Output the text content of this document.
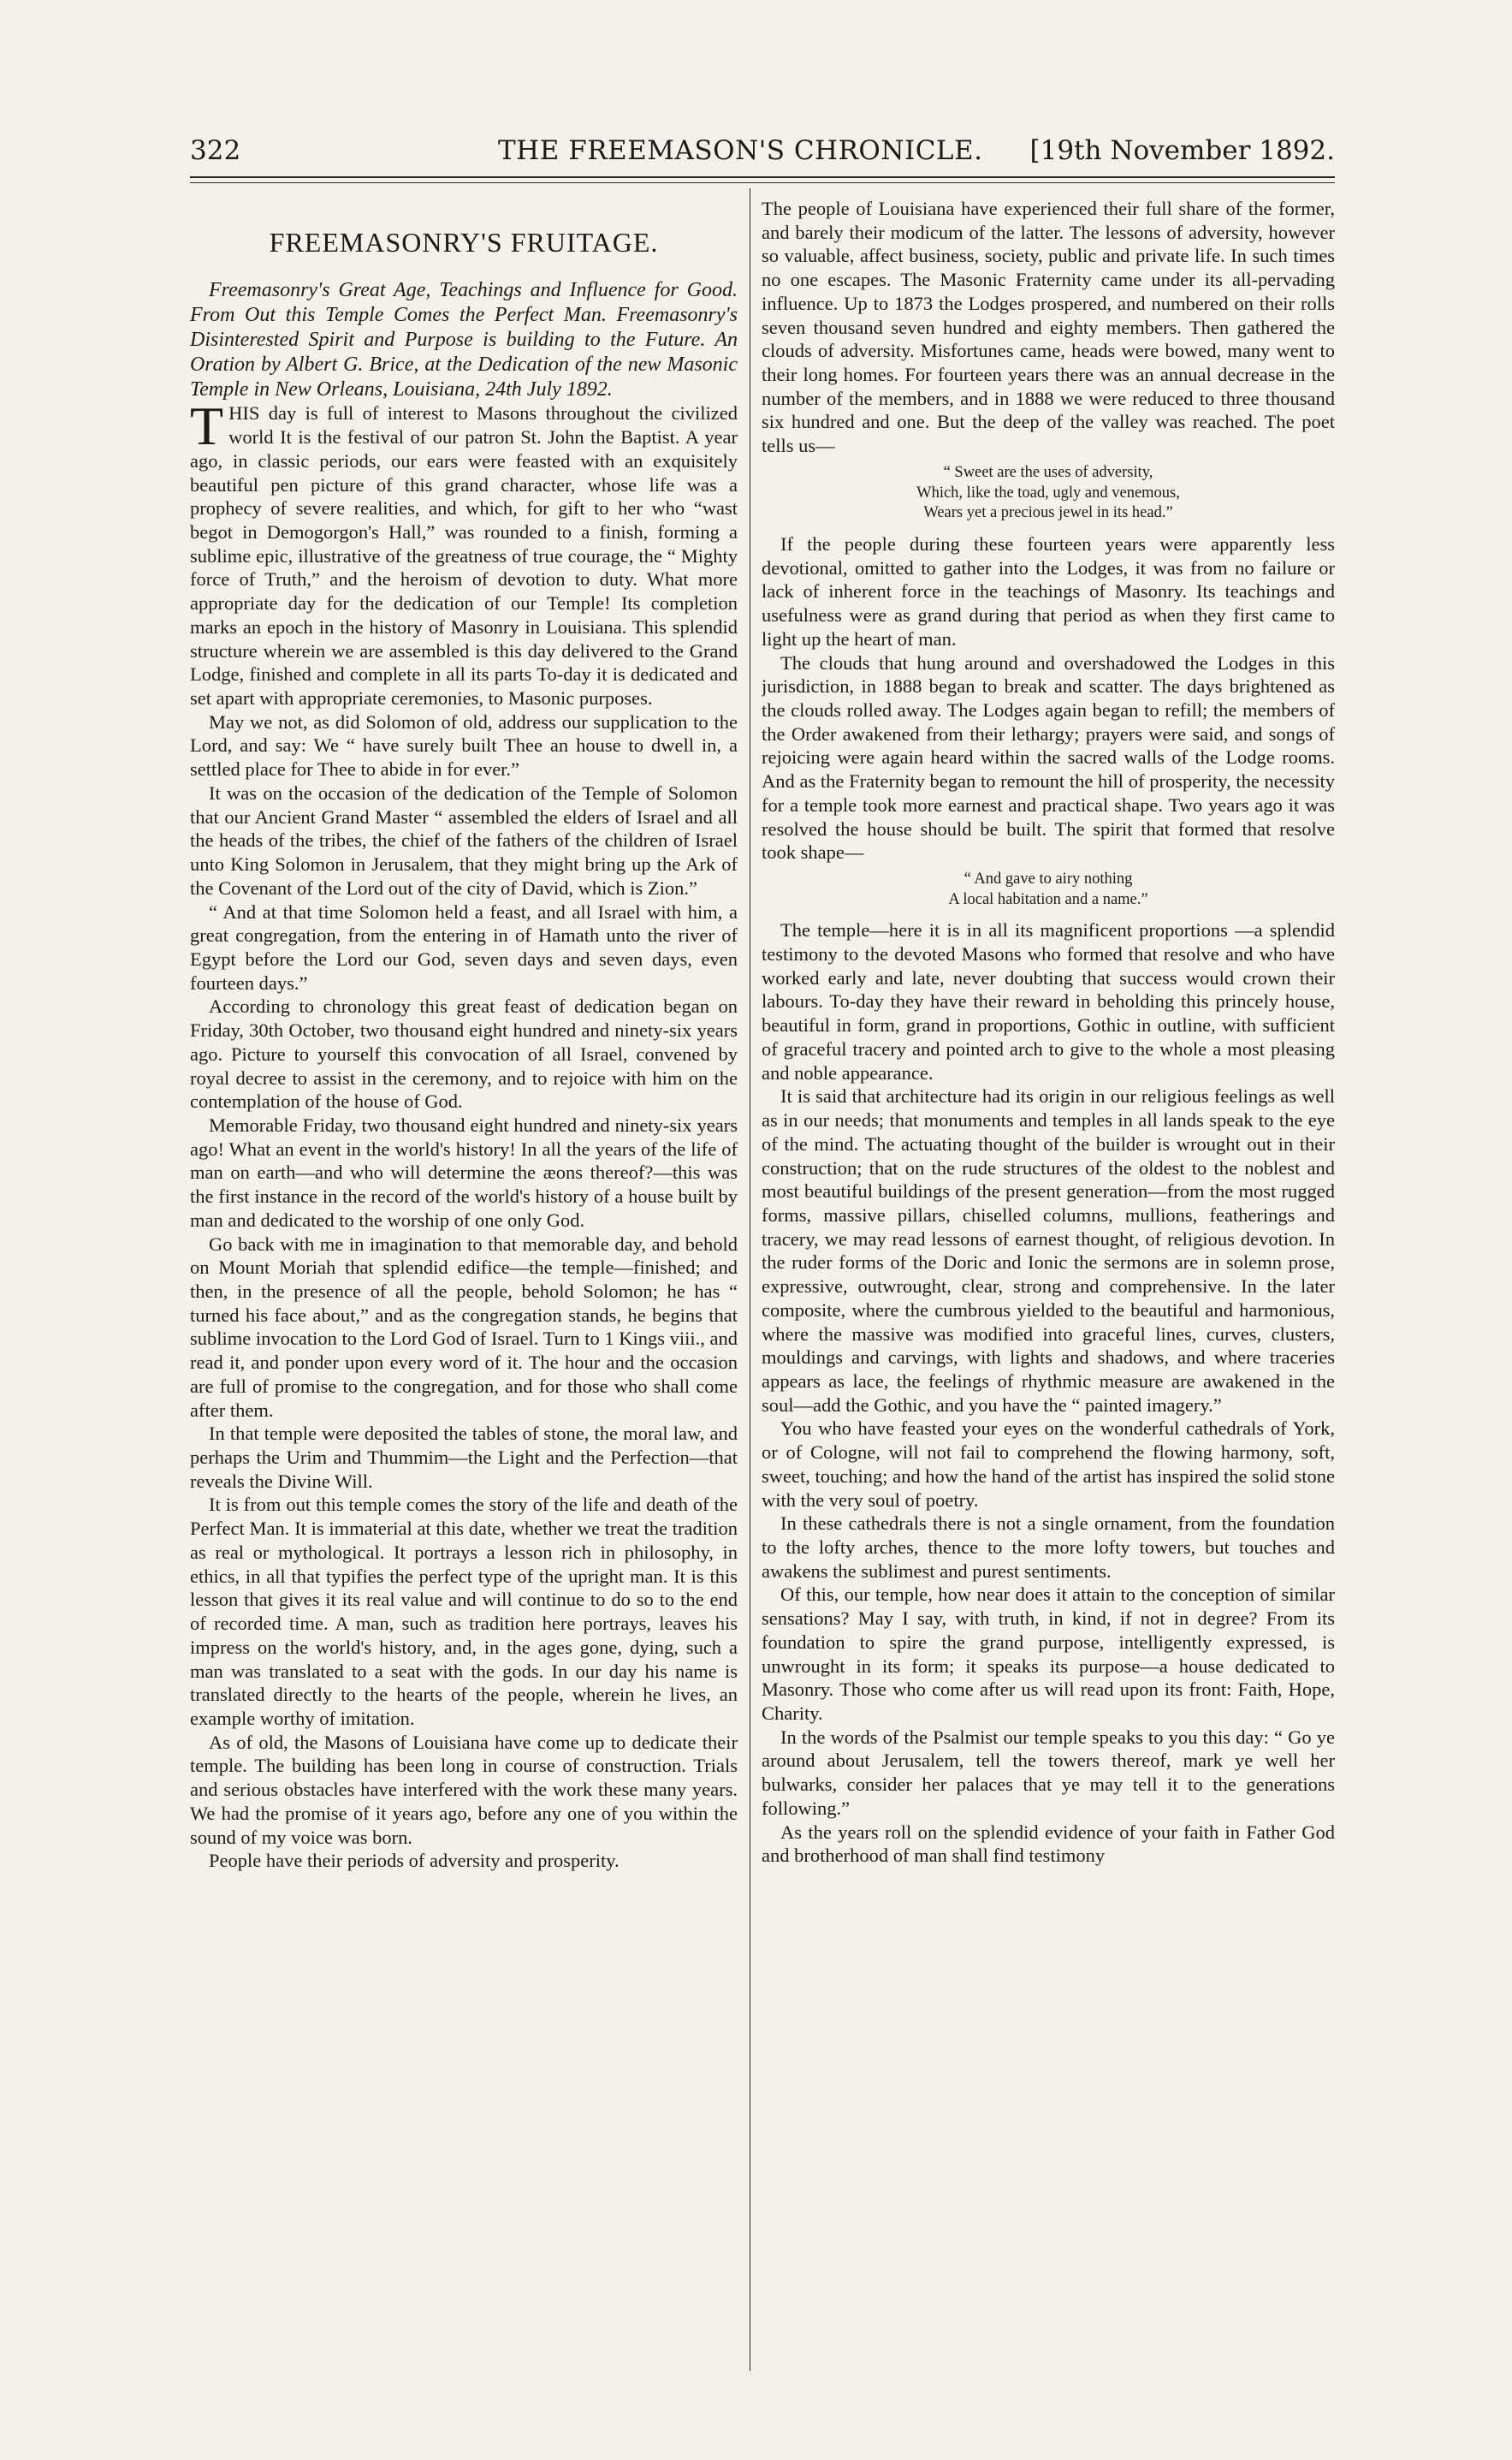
322	THE FREEMASON'S CHRONICLE. [19th November 1892.
FREEMASONRY'S FRUITAGE.

Freemasonry's Great Age, Teachings and Influence for Good. From Out this Temple Comes the Perfect Man. Freemasonry's Disinterested Spirit and Purpose is building to the Future. An Oration by Albert G. Brice, at the Dedication of the new Masonic Temple in New Orleans, Louisiana, 24th July 1892.

THIS day is full of interest to Masons throughout the civilized world It is the festival of our patron St. John the Baptist. A year ago, in classic periods, our ears were feasted with an exquisitely beautiful pen picture of this grand character, whose life was a prophecy of severe realities, and which, for gift to her who “wast begot in Demogorgon's Hall,” was rounded to a finish, forming a sublime epic, illustrative of the greatness of true courage, the “ Mighty force of Truth,” and the heroism of devotion to duty. What more appropriate day for the dedication of our Temple! Its completion marks an epoch in the history of Masonry in Louisiana. This splendid structure wherein we are assembled is this day delivered to the Grand Lodge, finished and complete in all its parts To-day it is dedicated and set apart with appropriate ceremonies, to Masonic purposes.

May we not, as did Solomon of old, address our supplication to the Lord, and say: We “ have surely built Thee an house to dwell in, a settled place for Thee to abide in for ever.”

It was on the occasion of the dedication of the Temple of Solomon that our Ancient Grand Master “ assembled the elders of Israel and all the heads of the tribes, the chief of the fathers of the children of Israel unto King Solomon in Jerusalem, that they might bring up the Ark of the Covenant of the Lord out of the city of David, which is Zion.”

“ And at that time Solomon held a feast, and all Israel with him, a great congregation, from the entering in of Hamath unto the river of Egypt before the Lord our God, seven days and seven days, even fourteen days.”

According to chronology this great feast of dedication began on Friday, 30th October, two thousand eight hundred and ninety-six years ago. Picture to yourself this convocation of all Israel, convened by royal decree to assist in the ceremony, and to rejoice with him on the contemplation of the house of God.

Memorable Friday, two thousand eight hundred and ninety-six years ago! What an event in the world's history! In all the years of the life of man on earth—and who will determine the æons thereof?—this was the first instance in the record of the world's history of a house built by man and dedicated to the worship of one only God.

Go back with me in imagination to that memorable day, and behold on Mount Moriah that splendid edifice—the temple—finished; and then, in the presence of all the people, behold Solomon; he has “ turned his face about,” and as the congregation stands, he begins that sublime invocation to the Lord God of Israel. Turn to 1 Kings viii., and read it, and ponder upon every word of it. The hour and the occasion are full of promise to the congregation, and for those who shall come after them.

In that temple were deposited the tables of stone, the moral law, and perhaps the Urim and Thummim—the Light and the Perfection—that reveals the Divine Will.

It is from out this temple comes the story of the life and death of the Perfect Man. It is immaterial at this date, whether we treat the tradition as real or mythological. It portrays a lesson rich in philosophy, in ethics, in all that typifies the perfect type of the upright man. It is this lesson that gives it its real value and will continue to do so to the end of recorded time. A man, such as tradition here portrays, leaves his impress on the world's history, and, in the ages gone, dying, such a man was translated to a seat with the gods. In our day his name is translated directly to the hearts of the people, wherein he lives, an example worthy of imitation.

As of old, the Masons of Louisiana have come up to dedicate their temple. The building has been long in course of construction. Trials and serious obstacles have interfered with the work these many years. We had the promise of it years ago, before any one of you within the sound of my voice was born.

People have their periods of adversity and prosperity.

The people of Louisiana have experienced their full share of the former, and barely their modicum of the latter. The lessons of adversity, however so valuable, affect business, society, public and private life. In such times no one escapes. The Masonic Fraternity came under its all-pervading influence. Up to 1873 the Lodges prospered, and numbered on their rolls seven thousand seven hundred and eighty members. Then gathered the clouds of adversity. Misfortunes came, heads were bowed, many went to their long homes. For fourteen years there was an annual decrease in the number of the members, and in 1888 we were reduced to three thousand six hundred and one. But the deep of the valley was reached. The poet tells us—

“ Sweet are the uses of adversity,
Which, like the toad, ugly and venemous,
Wears yet a precious jewel in its head.”

If the people during these fourteen years were apparently less devotional, omitted to gather into the Lodges, it was from no failure or lack of inherent force in the teachings of Masonry. Its teachings and usefulness were as grand during that period as when they first came to light up the heart of man.

The clouds that hung around and overshadowed the Lodges in this jurisdiction, in 1888 began to break and scatter. The days brightened as the clouds rolled away. The Lodges again began to refill; the members of the Order awakened from their lethargy; prayers were said, and songs of rejoicing were again heard within the sacred walls of the Lodge rooms. And as the Fraternity began to remount the hill of prosperity, the necessity for a temple took more earnest and practical shape. Two years ago it was resolved the house should be built. The spirit that formed that resolve took shape—

“ And gave to airy nothing
A local habitation and a name.”

The temple—here it is in all its magnificent proportions —a splendid testimony to the devoted Masons who formed that resolve and who have worked early and late, never doubting that success would crown their labours. To-day they have their reward in beholding this princely house, beautiful in form, grand in proportions, Gothic in outline, with sufficient of graceful tracery and pointed arch to give to the whole a most pleasing and noble appearance.

It is said that architecture had its origin in our religious feelings as well as in our needs; that monuments and temples in all lands speak to the eye of the mind. The actuating thought of the builder is wrought out in their construction; that on the rude structures of the oldest to the noblest and most beautiful buildings of the present generation—from the most rugged forms, massive pillars, chiselled columns, mullions, featherings and tracery, we may read lessons of earnest thought, of religious devotion. In the ruder forms of the Doric and Ionic the sermons are in solemn prose, expressive, outwrought, clear, strong and comprehensive. In the later composite, where the cumbrous yielded to the beautiful and harmonious, where the massive was modified into graceful lines, curves, clusters, mouldings and carvings, with lights and shadows, and where traceries appears as lace, the feelings of rhythmic measure are awakened in the soul—add the Gothic, and you have the “ painted imagery.”

You who have feasted your eyes on the wonderful cathedrals of York, or of Cologne, will not fail to comprehend the flowing harmony, soft, sweet, touching; and how the hand of the artist has inspired the solid stone with the very soul of poetry.

In these cathedrals there is not a single ornament, from the foundation to the lofty arches, thence to the more lofty towers, but touches and awakens the sublimest and purest sentiments.

Of this, our temple, how near does it attain to the conception of similar sensations? May I say, with truth, in kind, if not in degree? From its foundation to spire the grand purpose, intelligently expressed, is unwrought in its form; it speaks its purpose—a house dedicated to Masonry. Those who come after us will read upon its front: Faith, Hope, Charity.

In the words of the Psalmist our temple speaks to you this day: “ Go ye around about Jerusalem, tell the towers thereof, mark ye well her bulwarks, consider her palaces that ye may tell it to the generations following.”

As the years roll on the splendid evidence of your faith in Father God and brotherhood of man shall find testimony
